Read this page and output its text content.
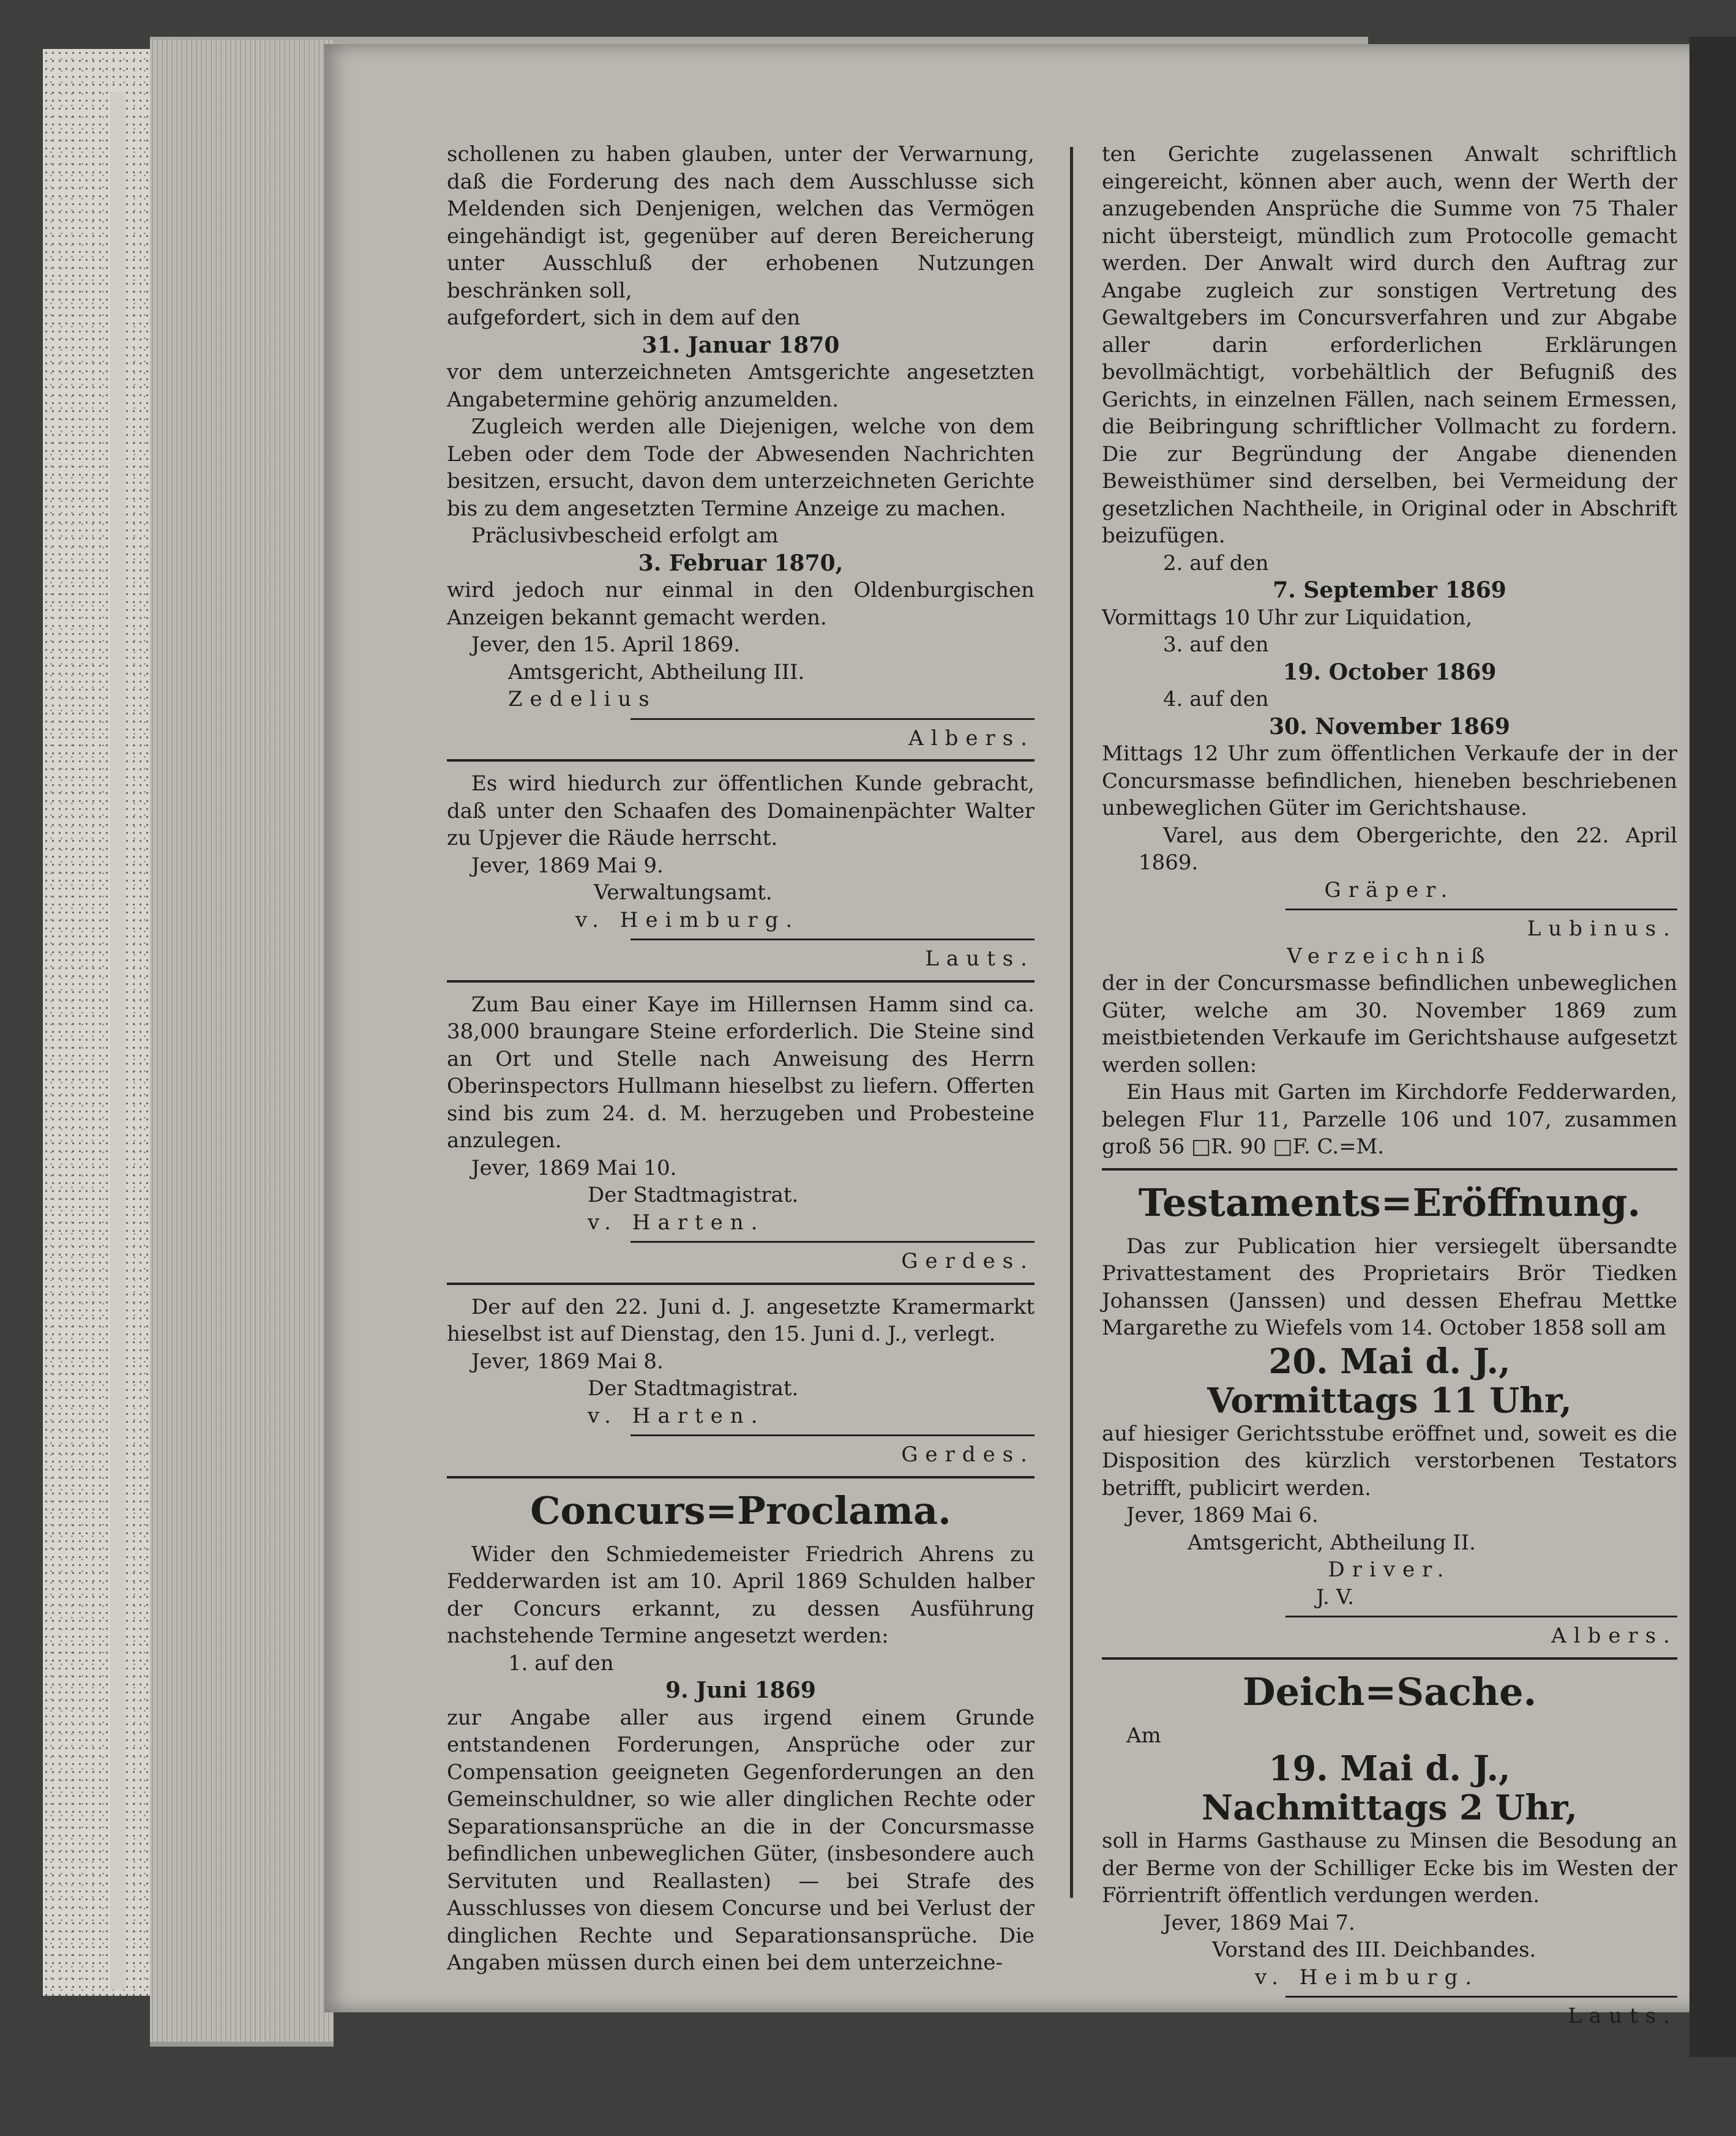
schollenen zu haben glauben, unter der Verwarnung, daß die Forderung des nach dem Ausschlusse sich Meldenden sich Denjenigen, welchen das Vermögen eingehändigt ist, gegenüber auf deren Bereicherung unter Ausschluß der erhobenen Nutzungen beschränken soll,

aufgefordert, sich in dem auf den

31. Januar 1870

vor dem unterzeichneten Amtsgerichte angesetzten Angabetermine gehörig anzumelden.

Zugleich werden alle Diejenigen, welche von dem Leben oder dem Tode der Abwesenden Nachrichten besitzen, ersucht, davon dem unterzeichneten Gerichte bis zu dem angesetzten Termine Anzeige zu machen.

Präclusivbescheid erfolgt am

3. Februar 1870,

wird jedoch nur einmal in den Oldenburgischen Anzeigen bekannt gemacht werden.

Jever, den 15. April 1869.

Amtsgericht, Abtheilung III.

Zedelius

Albers.

Es wird hiedurch zur öffentlichen Kunde gebracht, daß unter den Schaafen des Domainenpächter Walter zu Upjever die Räude herrscht.

Jever, 1869 Mai 9.

Verwaltungsamt.

v. Heimburg.

Lauts.

Zum Bau einer Kaye im Hillernsen Hamm sind ca. 38,000 braungare Steine erforderlich. Die Steine sind an Ort und Stelle nach Anweisung des Herrn Oberinspectors Hullmann hieselbst zu liefern. Offerten sind bis zum 24. d. M. herzugeben und Probesteine anzulegen.

Jever, 1869 Mai 10.

Der Stadtmagistrat.

v. Harten.

Gerdes.

Der auf den 22. Juni d. J. angesetzte Kramermarkt hieselbst ist auf Dienstag, den 15. Juni d. J., verlegt.

Jever, 1869 Mai 8.

Der Stadtmagistrat.

v. Harten.

Gerdes.

Concurs=Proclama.

Wider den Schmiedemeister Friedrich Ahrens zu Fedderwarden ist am 10. April 1869 Schulden halber der Concurs erkannt, zu dessen Ausführung nachstehende Termine angesetzt werden:

1. auf den

9. Juni 1869

zur Angabe aller aus irgend einem Grunde entstandenen Forderungen, Ansprüche oder zur Compensation geeigneten Gegenforderungen an den Gemeinschuldner, so wie aller dinglichen Rechte oder Separationsansprüche an die in der Concursmasse befindlichen unbeweglichen Güter, (insbesondere auch Servituten und Reallasten) — bei Strafe des Ausschlusses von diesem Concurse und bei Verlust der dinglichen Rechte und Separationsansprüche. Die Angaben müssen durch einen bei dem unterzeichne-

ten Gerichte zugelassenen Anwalt schriftlich eingereicht, können aber auch, wenn der Werth der anzugebenden Ansprüche die Summe von 75 Thaler nicht übersteigt, mündlich zum Protocolle gemacht werden. Der Anwalt wird durch den Auftrag zur Angabe zugleich zur sonstigen Vertretung des Gewaltgebers im Concursverfahren und zur Abgabe aller darin erforderlichen Erklärungen bevollmächtigt, vorbehältlich der Befugniß des Gerichts, in einzelnen Fällen, nach seinem Ermessen, die Beibringung schriftlicher Vollmacht zu fordern. Die zur Begründung der Angabe dienenden Beweisthümer sind derselben, bei Vermeidung der gesetzlichen Nachtheile, in Original oder in Abschrift beizufügen.

2. auf den

7. September 1869

Vormittags 10 Uhr zur Liquidation,

3. auf den

19. October 1869

4. auf den

30. November 1869

Mittags 12 Uhr zum öffentlichen Verkaufe der in der Concursmasse befindlichen, hieneben beschriebenen unbeweglichen Güter im Gerichtshause.

Varel, aus dem Obergerichte, den 22. April 1869.

Gräper.

Lubinus.

Verzeichniß

der in der Concursmasse befindlichen unbeweglichen Güter, welche am 30. November 1869 zum meistbietenden Verkaufe im Gerichtshause aufgesetzt werden sollen:

Ein Haus mit Garten im Kirchdorfe Fedderwarden, belegen Flur 11, Parzelle 106 und 107, zusammen groß 56 □R. 90 □F. C.=M.

Testaments=Eröffnung.

Das zur Publication hier versiegelt übersandte Privattestament des Proprietairs Brör Tiedken Johanssen (Janssen) und dessen Ehefrau Mettke Margarethe zu Wiefels vom 14. October 1858 soll am

20. Mai d. J.,

Vormittags 11 Uhr,

auf hiesiger Gerichtsstube eröffnet und, soweit es die Disposition des kürzlich verstorbenen Testators betrifft, publicirt werden.

Jever, 1869 Mai 6.

Amtsgericht, Abtheilung II.

Driver.

J. V.

Albers.

Deich=Sache.

Am

19. Mai d. J.,

Nachmittags 2 Uhr,

soll in Harms Gasthause zu Minsen die Besodung an der Berme von der Schilliger Ecke bis im Westen der Förrientrift öffentlich verdungen werden.

Jever, 1869 Mai 7.

Vorstand des III. Deichbandes.

v. Heimburg.

Lauts.
